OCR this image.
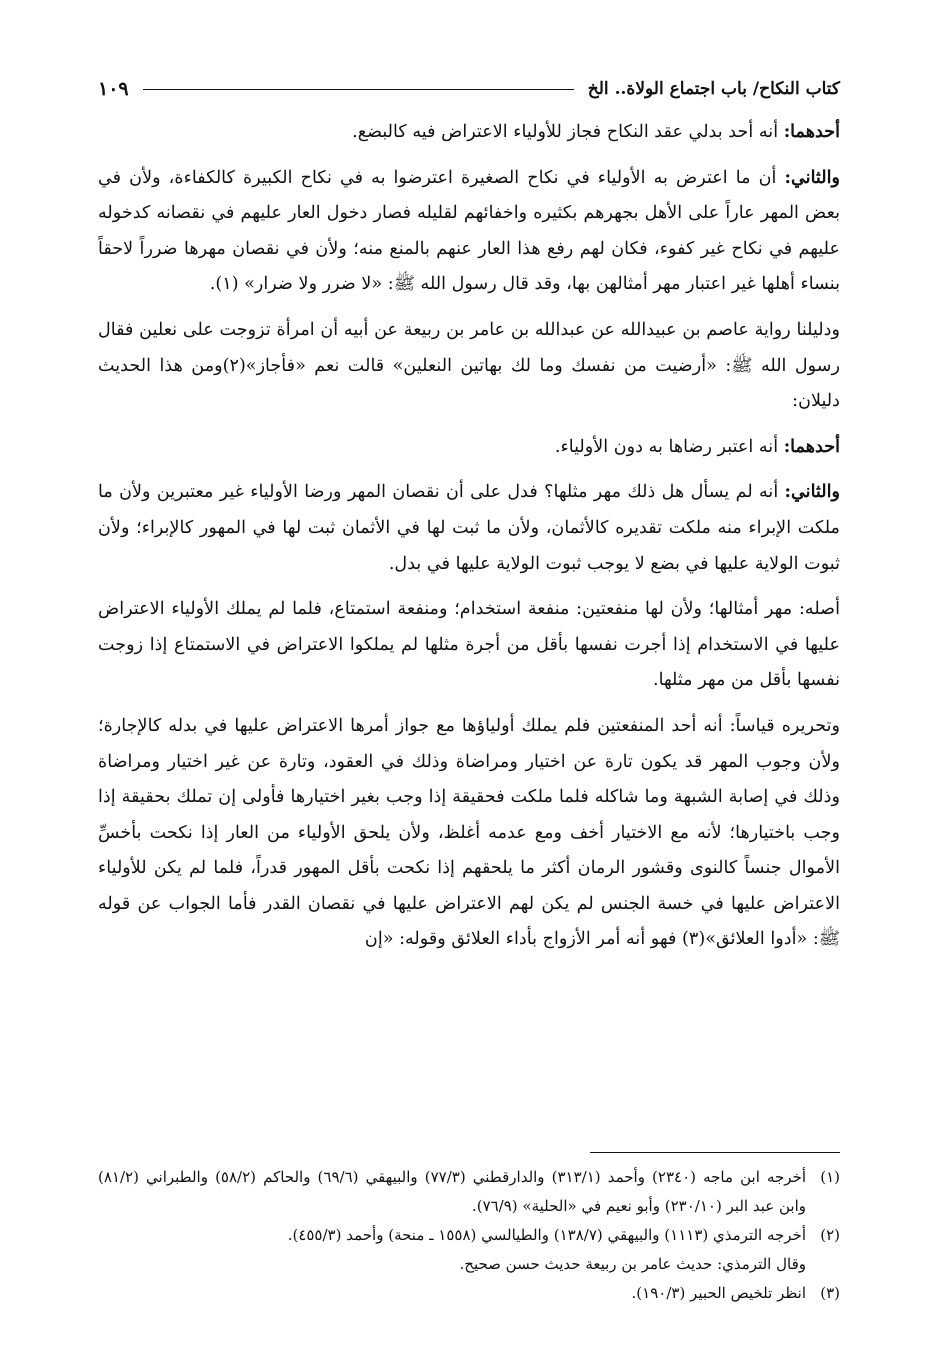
كتاب النكاح/ باب اجتماع الولاة.. الخ
١٠٩

أحدهما: أنه أحد بدلي عقد النكاح فجاز للأولياء الاعتراض فيه كالبضع.

والثاني: أن ما اعترض به الأولياء في نكاح الصغيرة اعترضوا به في نكاح الكبيرة كالكفاءة، ولأن في بعض المهر عاراً على الأهل بجهرهم بكثيره واخفائهم لقليله فصار دخول العار عليهم في نقصانه كدخوله عليهم في نكاح غير كفوء، فكان لهم رفع هذا العار عنهم بالمنع منه؛ ولأن في نقصان مهرها ضرراً لاحقاً بنساء أهلها غير اعتبار مهر أمثالهن بها، وقد قال رسول الله ﷺ: «لا ضرر ولا ضرار» (١).

ودليلنا رواية عاصم بن عبيدالله عن عبدالله بن عامر بن ربيعة عن أبيه أن امرأة تزوجت على نعلين فقال رسول الله ﷺ: «أرضيت من نفسك وما لك بهاتين النعلين» قالت نعم «فأجاز»(٢)ومن هذا الحديث دليلان:

أحدهما: أنه اعتبر رضاها به دون الأولياء.

والثاني: أنه لم يسأل هل ذلك مهر مثلها؟ فدل على أن نقصان المهر ورضا الأولياء غير معتبرين ولأن ما ملكت الإبراء منه ملكت تقديره كالأثمان، ولأن ما ثبت لها في الأثمان ثبت لها في المهور كالإبراء؛ ولأن ثبوت الولاية عليها في بضع لا يوجب ثبوت الولاية عليها في بدل.

أصله: مهر أمثالها؛ ولأن لها منفعتين: منفعة استخدام؛ ومنفعة استمتاع، فلما لم يملك الأولياء الاعتراض عليها في الاستخدام إذا أجرت نفسها بأقل من أجرة مثلها لم يملكوا الاعتراض في الاستمتاع إذا زوجت نفسها بأقل من مهر مثلها.

وتحريره قياساً: أنه أحد المنفعتين فلم يملك أولياؤها مع جواز أمرها الاعتراض عليها في بدله كالإجارة؛ ولأن وجوب المهر قد يكون تارة عن اختيار ومراضاة وذلك في العقود، وتارة عن غير اختيار ومراضاة وذلك في إصابة الشبهة وما شاكله فلما ملكت فحقيقة إذا وجب بغير اختيارها فأولى إن تملك بحقيقة إذا وجب باختيارها؛ لأنه مع الاختيار أخف ومع عدمه أغلظ، ولأن يلحق الأولياء من العار إذا نكحت بأخسِّ الأموال جنساً كالنوى وقشور الرمان أكثر ما يلحقهم إذا نكحت بأقل المهور قدراً، فلما لم يكن للأولياء الاعتراض عليها في خسة الجنس لم يكن لهم الاعتراض عليها في نقصان القدر فأما الجواب عن قوله ﷺ: «أدوا العلائق»(٣) فهو أنه أمر الأزواج بأداء العلائق وقوله: «إن

(١)
أخرجه ابن ماجه (٢٣٤٠) وأحمد (٣١٣/١) والدارقطني (٧٧/٣) والبيهقي (٦٩/٦) والحاكم (٥٨/٢) والطبراني (٨١/٢) وابن عبد البر (٢٣٠/١٠) وأبو نعيم في «الحلية» (٧٦/٩).
(٢)
أخرجه الترمذي (١١١٣) والبيهقي (١٣٨/٧) والطيالسي (١٥٥٨ ـ منحة) وأحمد (٤٥٥/٣).
وقال الترمذي: حديث عامر بن ربيعة حديث حسن صحيح.
(٣)
انظر تلخيص الحبير (١٩٠/٣).
